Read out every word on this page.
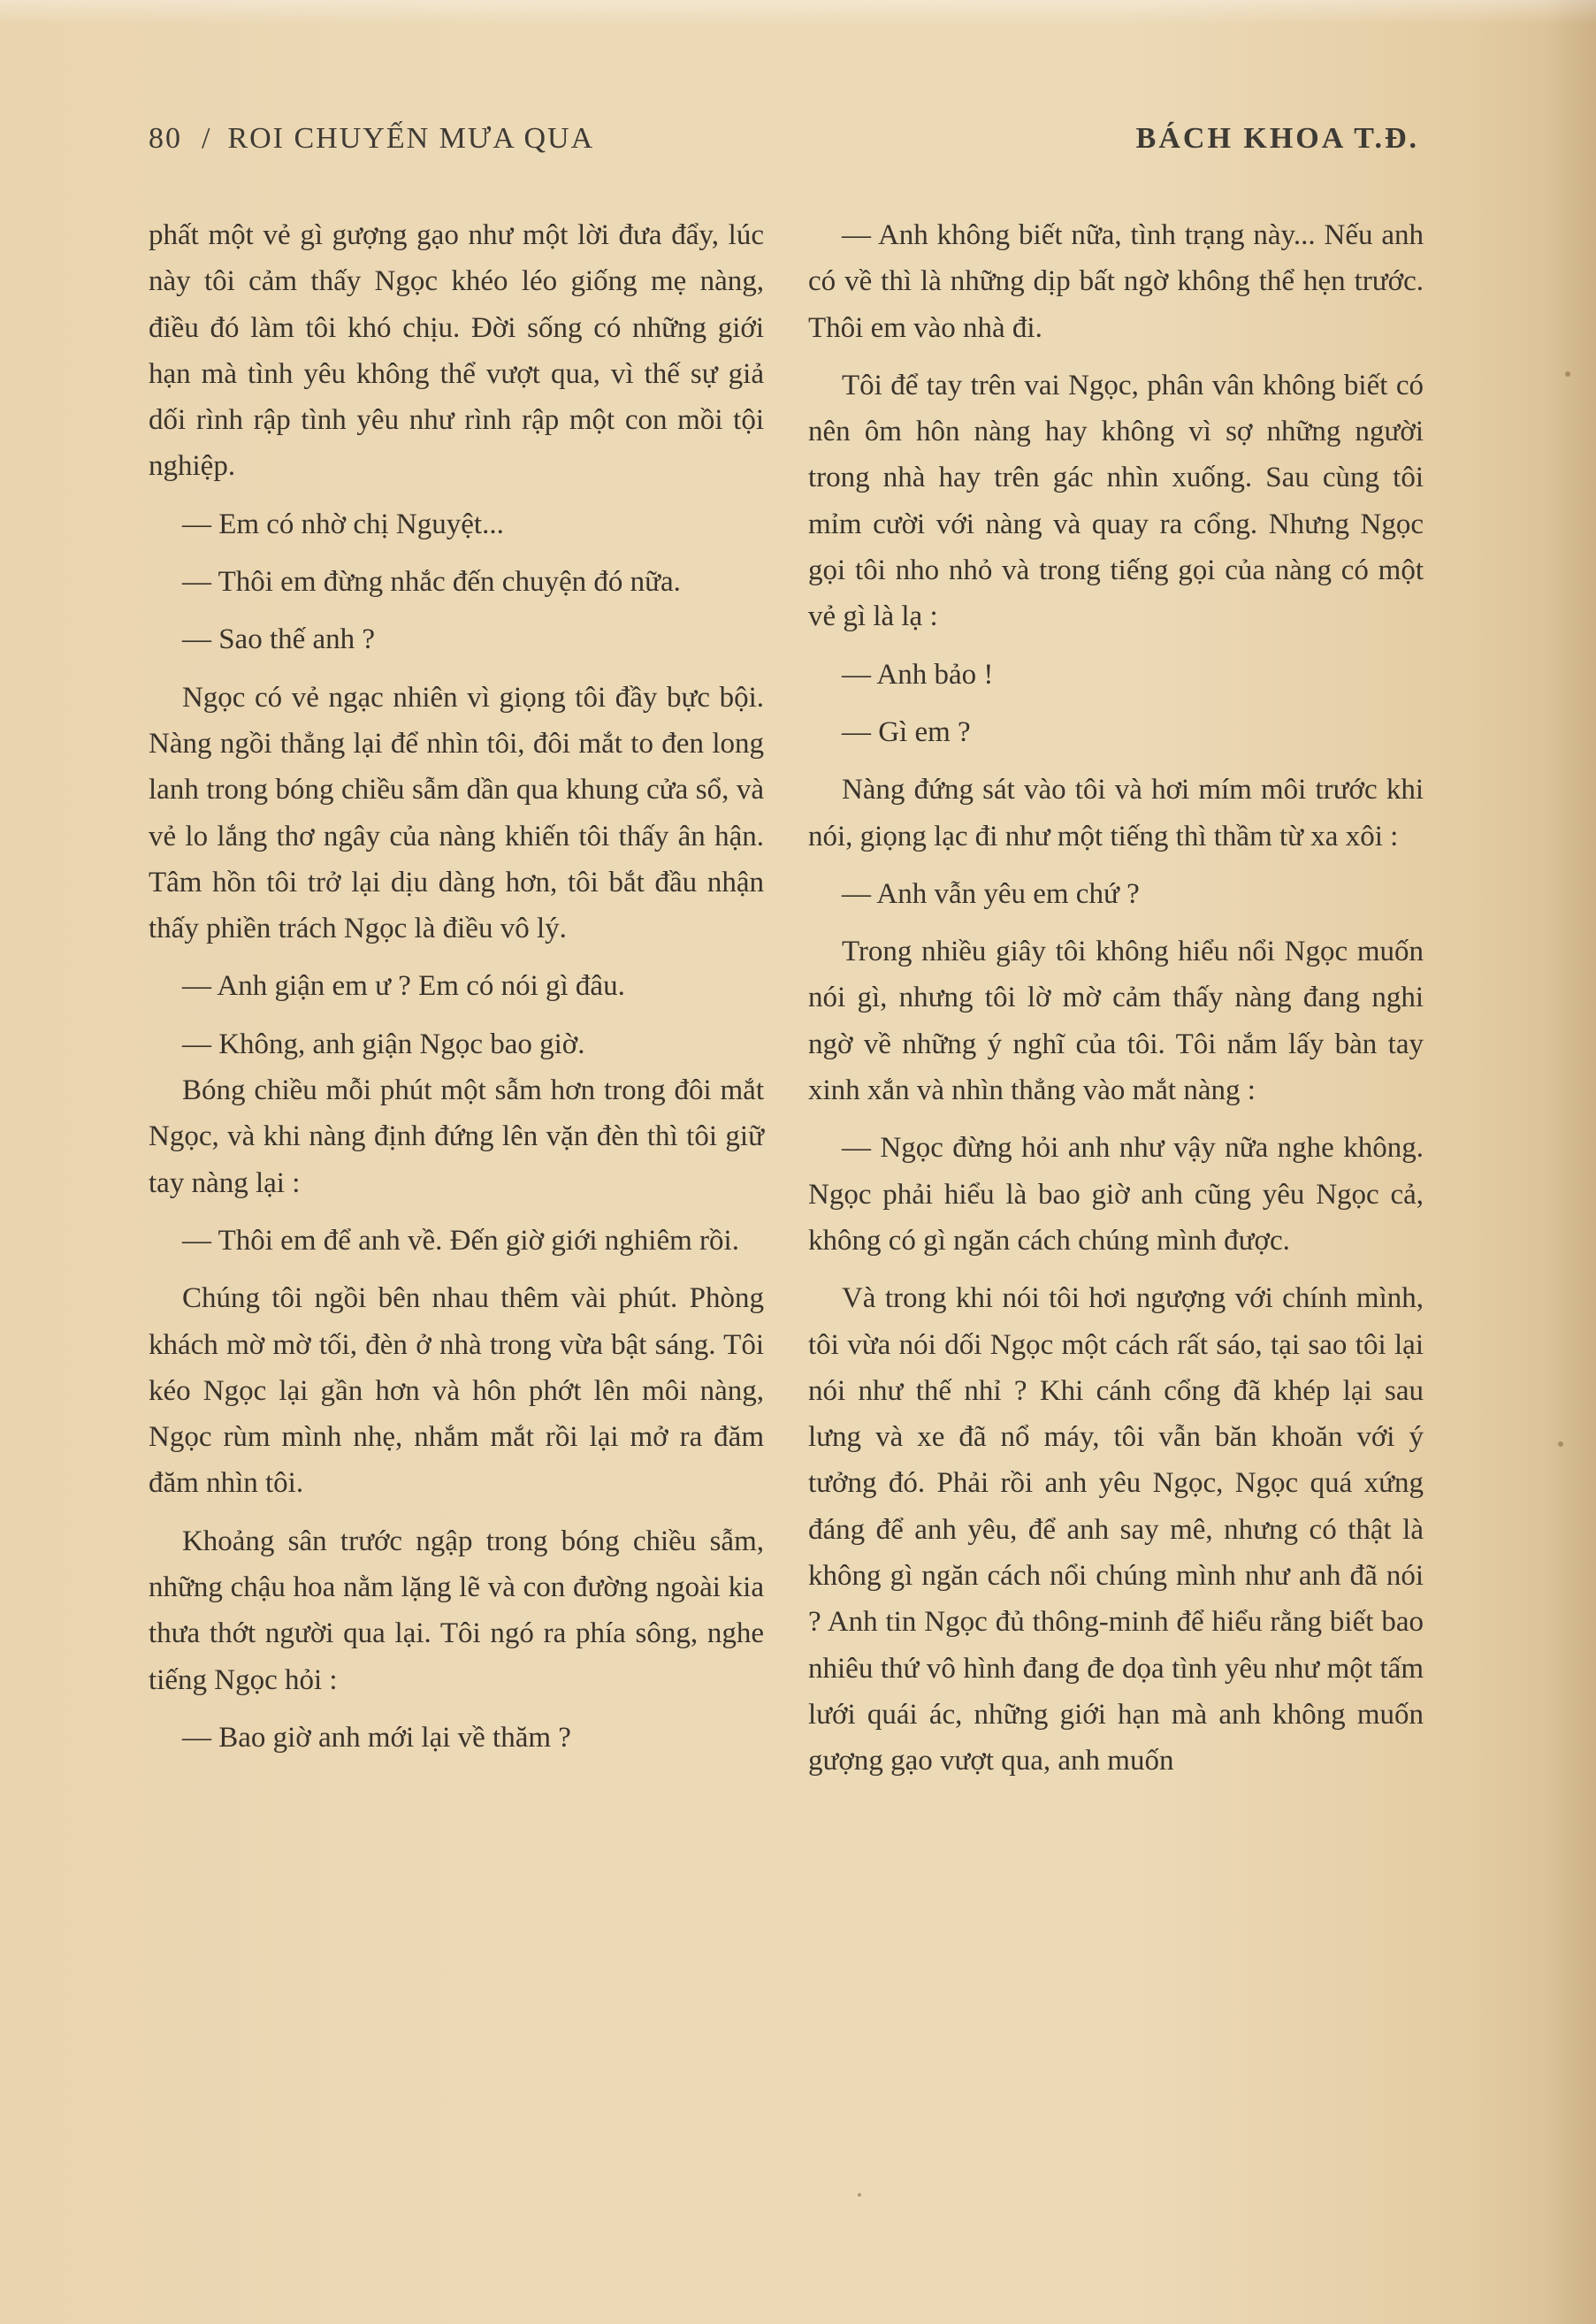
80 / ROI CHUYẾN MƯA QUA	BÁCH KHOA T.Đ.

phất một vẻ gì gượng gạo như một lời đưa đẩy, lúc này tôi cảm thấy Ngọc khéo léo giống mẹ nàng, điều đó làm tôi khó chịu. Đời sống có những giới hạn mà tình yêu không thể vượt qua, vì thế sự giả dối rình rập tình yêu như rình rập một con mồi tội nghiệp.

— Em có nhờ chị Nguyệt...

— Thôi em đừng nhắc đến chuyện đó nữa.

— Sao thế anh ?

Ngọc có vẻ ngạc nhiên vì giọng tôi đầy bực bội. Nàng ngồi thẳng lại để nhìn tôi, đôi mắt to đen long lanh trong bóng chiều sẫm dần qua khung cửa sổ, và vẻ lo lắng thơ ngây của nàng khiến tôi thấy ân hận. Tâm hồn tôi trở lại dịu dàng hơn, tôi bắt đầu nhận thấy phiền trách Ngọc là điều vô lý.

— Anh giận em ư ? Em có nói gì đâu.

— Không, anh giận Ngọc bao giờ.

Bóng chiều mỗi phút một sẫm hơn trong đôi mắt Ngọc, và khi nàng định đứng lên vặn đèn thì tôi giữ tay nàng lại :

— Thôi em để anh về. Đến giờ giới nghiêm rồi.

Chúng tôi ngồi bên nhau thêm vài phút. Phòng khách mờ mờ tối, đèn ở nhà trong vừa bật sáng. Tôi kéo Ngọc lại gần hơn và hôn phớt lên môi nàng, Ngọc rùm mình nhẹ, nhắm mắt rồi lại mở ra đăm đăm nhìn tôi.

Khoảng sân trước ngập trong bóng chiều sẫm, những chậu hoa nằm lặng lẽ và con đường ngoài kia thưa thớt người qua lại. Tôi ngó ra phía sông, nghe tiếng Ngọc hỏi :

— Bao giờ anh mới lại về thăm ?

— Anh không biết nữa, tình trạng này... Nếu anh có về thì là những dịp bất ngờ không thể hẹn trước. Thôi em vào nhà đi.

Tôi để tay trên vai Ngọc, phân vân không biết có nên ôm hôn nàng hay không vì sợ những người trong nhà hay trên gác nhìn xuống. Sau cùng tôi mỉm cười với nàng và quay ra cổng. Nhưng Ngọc gọi tôi nho nhỏ và trong tiếng gọi của nàng có một vẻ gì là lạ :

— Anh bảo !

— Gì em ?

Nàng đứng sát vào tôi và hơi mím môi trước khi nói, giọng lạc đi như một tiếng thì thầm từ xa xôi :

— Anh vẫn yêu em chứ ?

Trong nhiều giây tôi không hiểu nổi Ngọc muốn nói gì, nhưng tôi lờ mờ cảm thấy nàng đang nghi ngờ về những ý nghĩ của tôi. Tôi nắm lấy bàn tay xinh xắn và nhìn thẳng vào mắt nàng :

— Ngọc đừng hỏi anh như vậy nữa nghe không. Ngọc phải hiểu là bao giờ anh cũng yêu Ngọc cả, không có gì ngăn cách chúng mình được.

Và trong khi nói tôi hơi ngượng với chính mình, tôi vừa nói dối Ngọc một cách rất sáo, tại sao tôi lại nói như thế nhỉ ? Khi cánh cổng đã khép lại sau lưng và xe đã nổ máy, tôi vẫn băn khoăn với ý tưởng đó. Phải rồi anh yêu Ngọc, Ngọc quá xứng đáng để anh yêu, để anh say mê, nhưng có thật là không gì ngăn cách nổi chúng mình như anh đã nói ? Anh tin Ngọc đủ thông-minh để hiểu rằng biết bao nhiêu thứ vô hình đang đe dọa tình yêu như một tấm lưới quái ác, những giới hạn mà anh không muốn gượng gạo vượt qua, anh muốn
